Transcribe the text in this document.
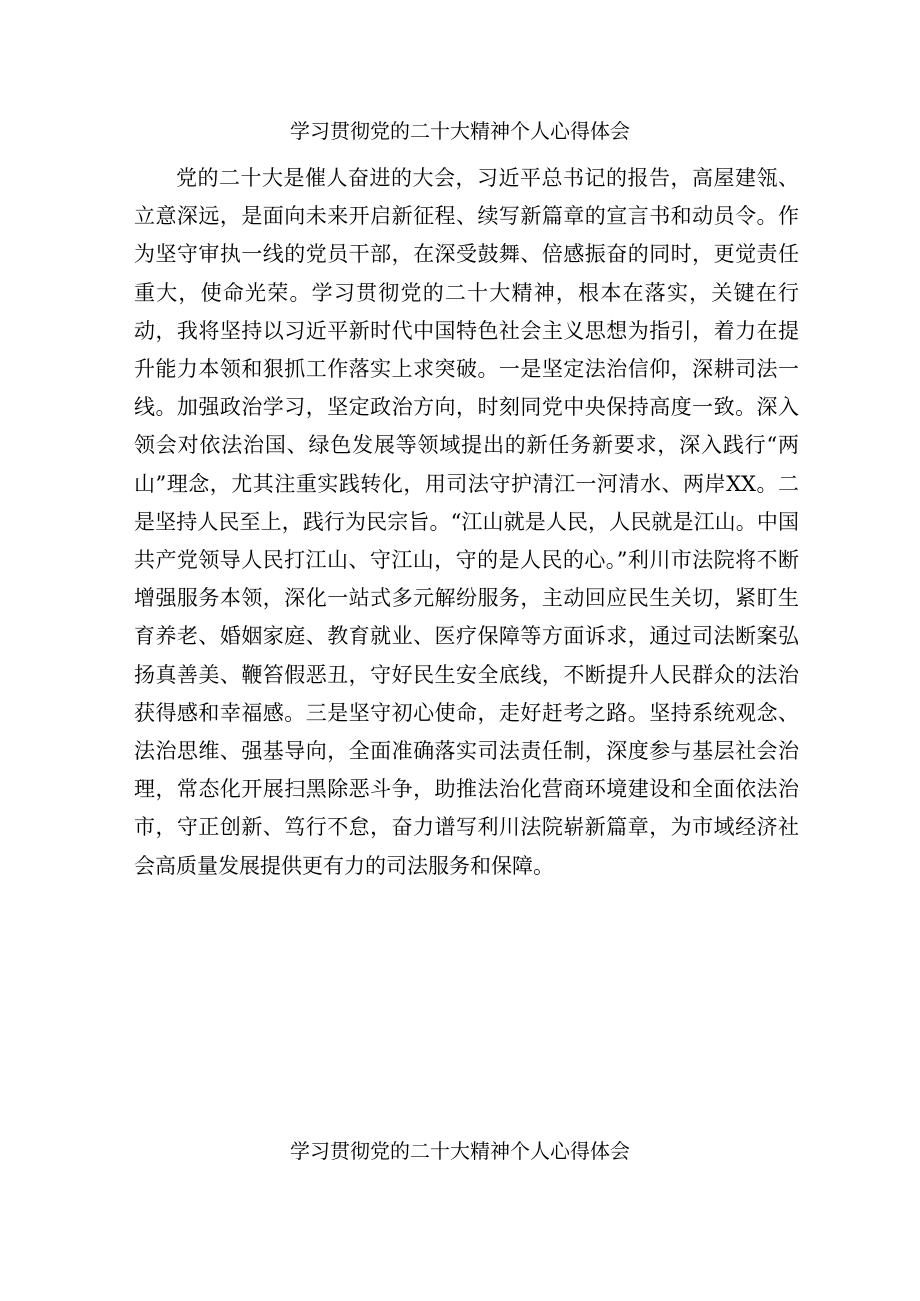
学习贯彻党的二十大精神个人心得体会

党的二十大是催人奋进的大会，习近平总书记的报告，高屋建瓴、立意深远，是面向未来开启新征程、续写新篇章的宣言书和动员令。作为坚守审执一线的党员干部，在深受鼓舞、倍感振奋的同时，更觉责任重大，使命光荣。学习贯彻党的二十大精神，根本在落实，关键在行动，我将坚持以习近平新时代中国特色社会主义思想为指引，着力在提升能力本领和狠抓工作落实上求突破。一是坚定法治信仰，深耕司法一线。加强政治学习，坚定政治方向，时刻同党中央保持高度一致。深入领会对依法治国、绿色发展等领域提出的新任务新要求，深入践行“两山”理念，尤其注重实践转化，用司法守护清江一河清水、两岸XX。二是坚持人民至上，践行为民宗旨。“江山就是人民，人民就是江山。中国共产党领导人民打江山、守江山，守的是人民的心。”利川市法院将不断增强服务本领，深化一站式多元解纷服务，主动回应民生关切，紧盯生育养老、婚姻家庭、教育就业、医疗保障等方面诉求，通过司法断案弘扬真善美、鞭笞假恶丑，守好民生安全底线，不断提升人民群众的法治获得感和幸福感。三是坚守初心使命，走好赶考之路。坚持系统观念、法治思维、强基导向，全面准确落实司法责任制，深度参与基层社会治理，常态化开展扫黑除恶斗争，助推法治化营商环境建设和全面依法治市，守正创新、笃行不怠，奋力谱写利川法院崭新篇章，为市域经济社会高质量发展提供更有力的司法服务和保障。

学习贯彻党的二十大精神个人心得体会
